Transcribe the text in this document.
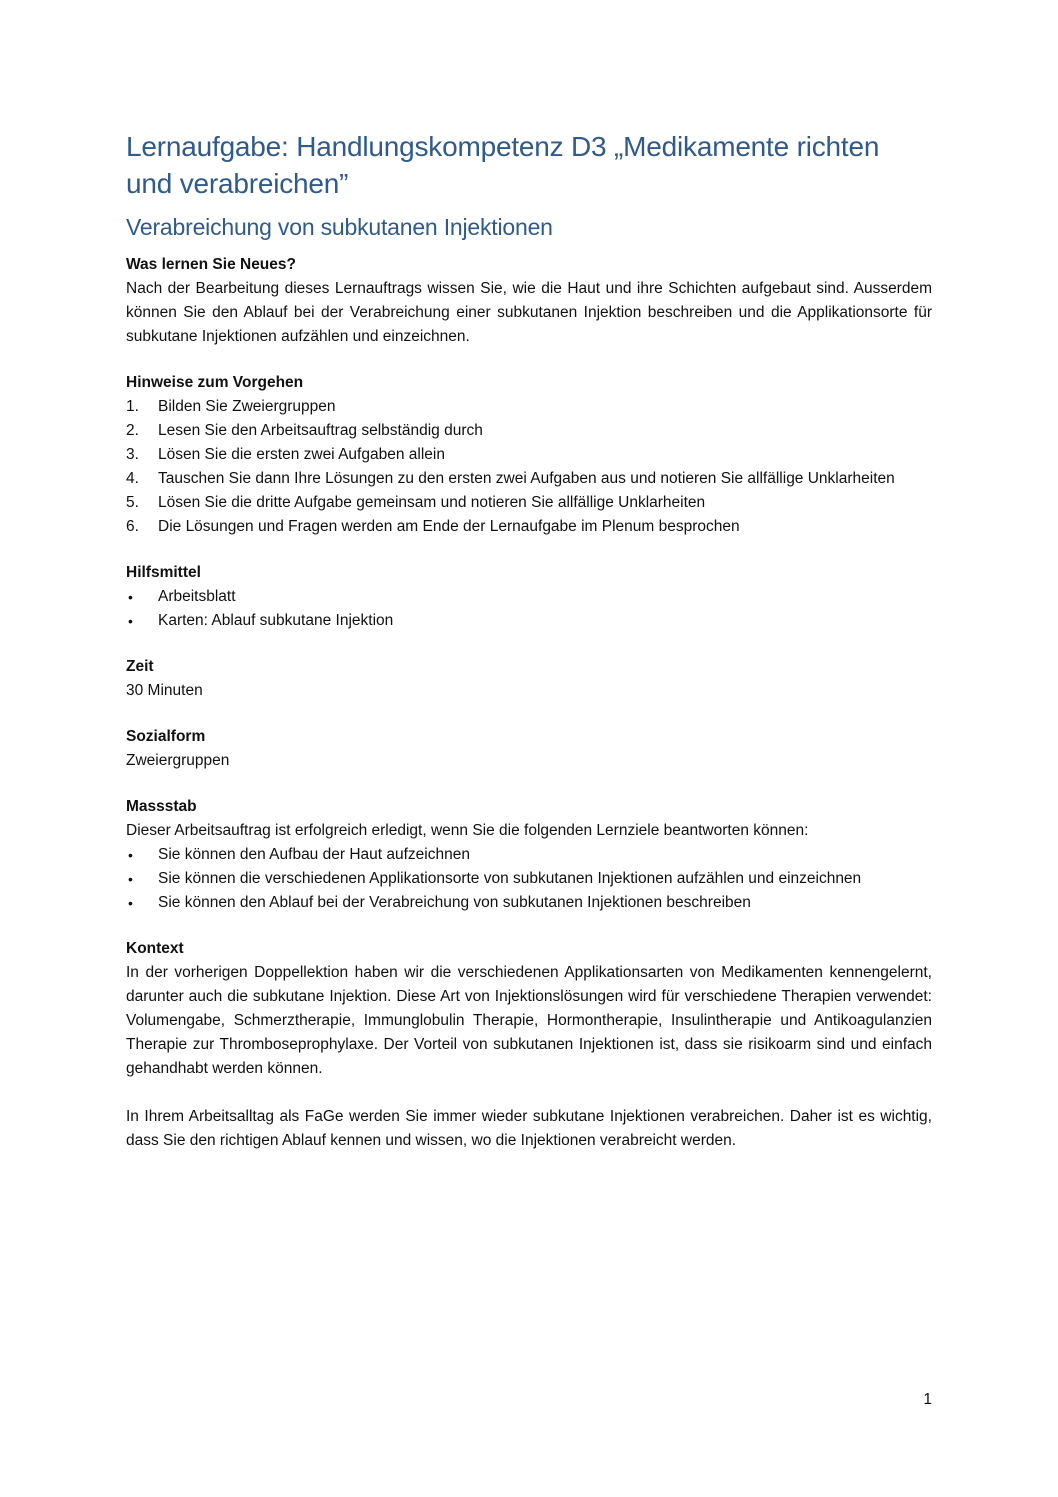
Lernaufgabe: Handlungskompetenz D3 „Medikamente richten und verabreichen”
Verabreichung von subkutanen Injektionen
Was lernen Sie Neues?

Nach der Bearbeitung dieses Lernauftrags wissen Sie, wie die Haut und ihre Schichten aufgebaut sind. Ausserdem können Sie den Ablauf bei der Verabreichung einer subkutanen Injektion beschreiben und die Applikationsorte für subkutane Injektionen aufzählen und einzeichnen.

Hinweise zum Vorgehen
1. Bilden Sie Zweiergruppen
2. Lesen Sie den Arbeitsauftrag selbständig durch
3. Lösen Sie die ersten zwei Aufgaben allein
4. Tauschen Sie dann Ihre Lösungen zu den ersten zwei Aufgaben aus und notieren Sie allfällige Unklarheiten
5. Lösen Sie die dritte Aufgabe gemeinsam und notieren Sie allfällige Unklarheiten
6. Die Lösungen und Fragen werden am Ende der Lernaufgabe im Plenum besprochen
Hilfsmittel
• Arbeitsblatt
• Karten: Ablauf subkutane Injektion
Zeit

30 Minuten

Sozialform

Zweiergruppen

Massstab

Dieser Arbeitsauftrag ist erfolgreich erledigt, wenn Sie die folgenden Lernziele beantworten können:

• Sie können den Aufbau der Haut aufzeichnen
• Sie können die verschiedenen Applikationsorte von subkutanen Injektionen aufzählen und einzeichnen
• Sie können den Ablauf bei der Verabreichung von subkutanen Injektionen beschreiben
Kontext

In der vorherigen Doppellektion haben wir die verschiedenen Applikationsarten von Medikamenten kennengelernt, darunter auch die subkutane Injektion. Diese Art von Injektionslösungen wird für verschiedene Therapien verwendet: Volumengabe, Schmerztherapie, Immunglobulin Therapie, Hormontherapie, Insulintherapie und Antikoagulanzien Therapie zur Thromboseprophylaxe. Der Vorteil von subkutanen Injektionen ist, dass sie risikoarm sind und einfach gehandhabt werden können.

In Ihrem Arbeitsalltag als FaGe werden Sie immer wieder subkutane Injektionen verabreichen. Daher ist es wichtig, dass Sie den richtigen Ablauf kennen und wissen, wo die Injektionen verabreicht werden.

1
